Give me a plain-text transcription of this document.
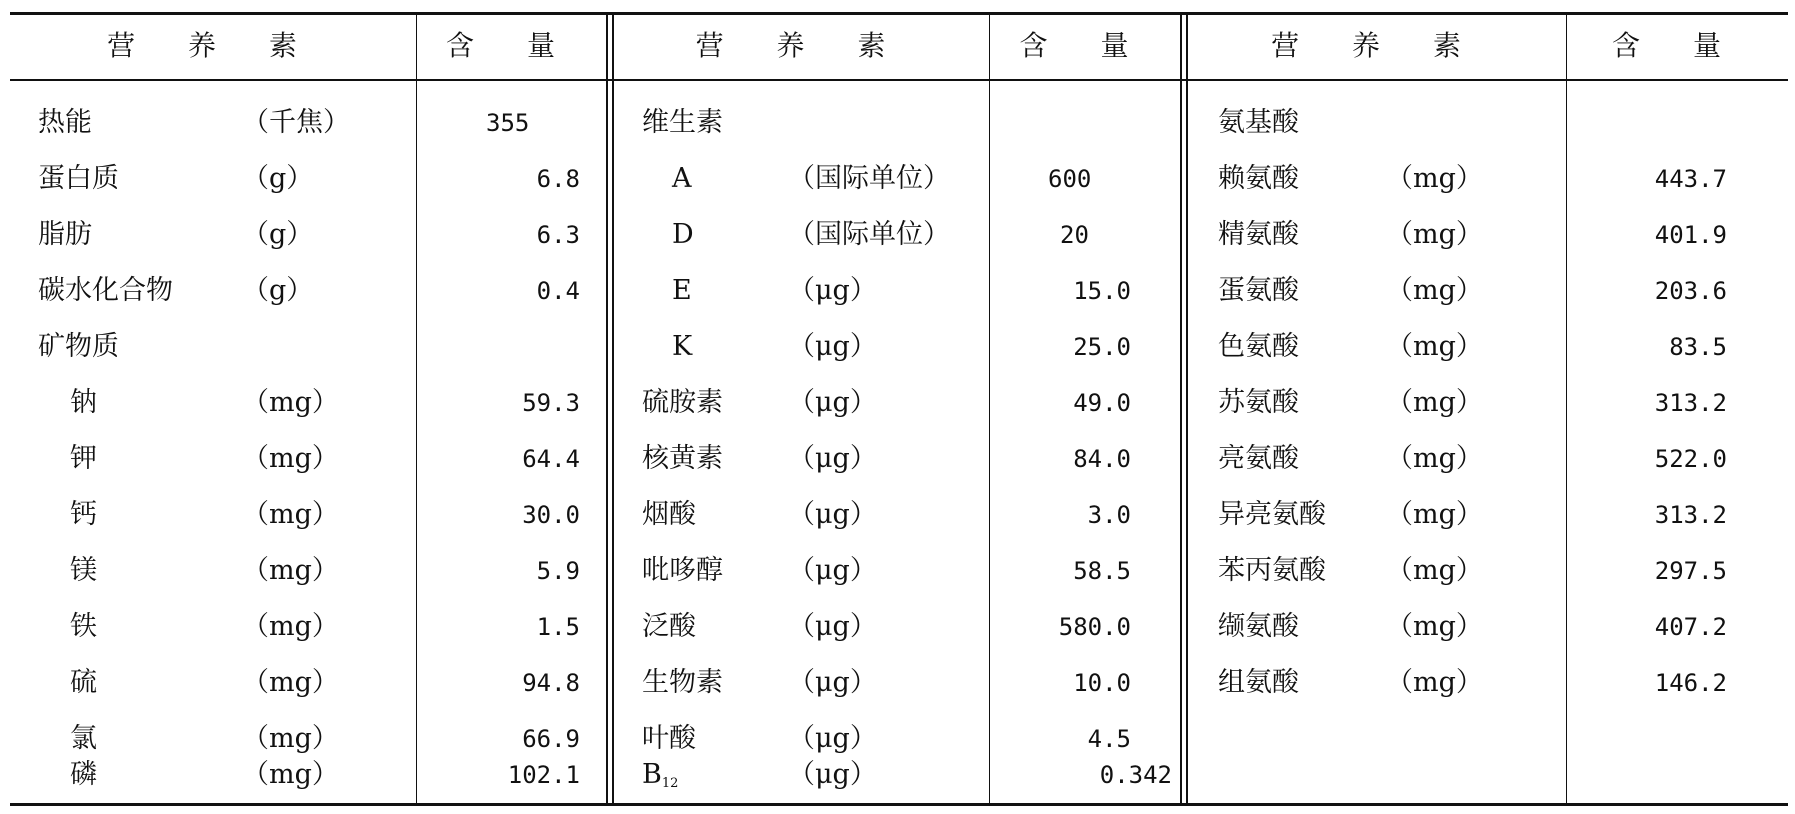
营 养 素	含 量	营 养 素	含 量	营 养 素	含 量
热能	（千焦）	355
蛋白质	（g）	6.8
脂肪	（g）	6.3
碳水化合物	（g）	0.4
矿物质
钠	（mg）	59.3
钾	（mg）	64.4
钙	（mg）	30.0
镁	（mg）	5.9
铁	（mg）	1.5
硫	（mg）	94.8
氯	（mg）	66.9
磷	（mg）	102.1
维生素
A	（国际单位）	600
D	（国际单位）	20
E	（μg）	15.0
K	（μg）	25.0
硫胺素 （μg）	49.0
核黄素 （μg）	84.0
烟酸	（μg）	3.0
吡哆醇 （μg）	58.5
泛酸	（μg）	580.0
生物素 （μg）	10.0
叶酸	（μg）	4.5
$B_{12}$	（μg）	0.342
氨基酸
赖氨酸	（mg）	443.7
精氨酸	（mg）	401.9
蛋氨酸	（mg）	203.6
色氨酸	（mg）	83.5
苏氨酸	（mg）	313.2
亮氨酸	（mg）	522.0
异亮氨酸 （mg）	313.2
苯丙氨酸 （mg）	297.5
缬氨酸	（mg）	407.2
组氨酸	（mg）	146.2
